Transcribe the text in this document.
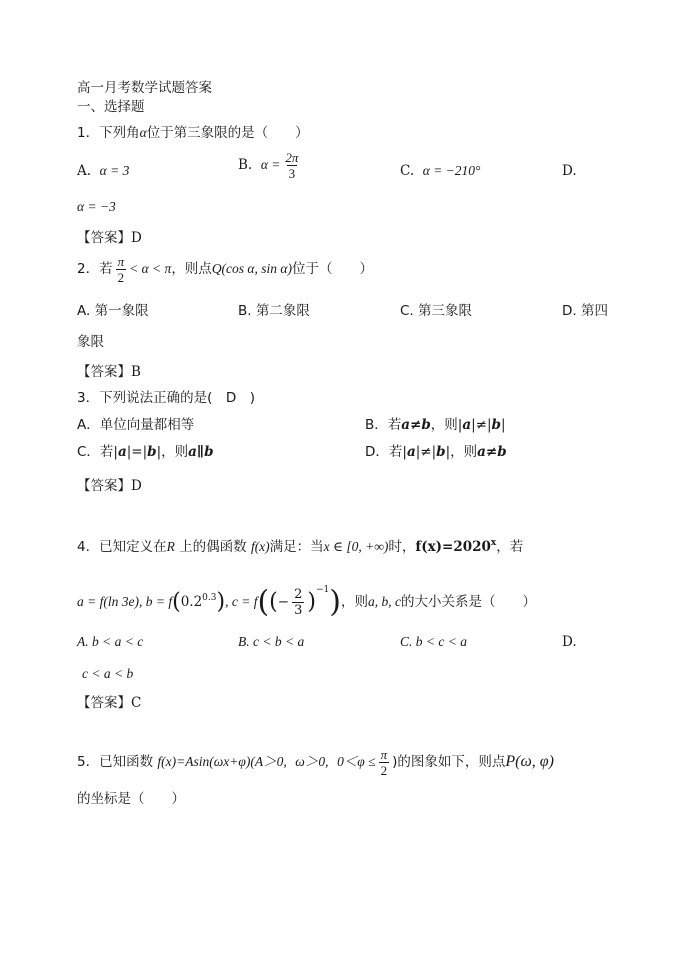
高一月考数学试题答案
一、选择题
1．下列角α位于第三象限的是（　　）
A. α = 3	B. $\alpha = \frac{2\pi}{3}$	C. α = −210°	D.
α = −3
【答案】D
2．若 $\frac{\pi}{2} < \alpha < \pi$，则点Q(cos α, sin α)位于（　　）
A. 第一象限	B. 第二象限	C. 第三象限	D. 第四
象限
【答案】B
3．下列说法正确的是(　D　)
A．单位向量都相等	B．若a≠b，则|a|≠|b|
C．若|a|=|b|，则a∥b	D．若|a|≠|b|，则a≠b
【答案】D
4．已知定义在R 上的偶函数 f(x)满足：当x ∈ [0, +∞)时，$f(x)=2020^x$，若
a = f(ln 3e), $b = f(0.2^{0.3})$, $c = f((- \frac{2}{3} )^{-1})$，则a, b, c的大小关系是（　　）
A. b < a < c	B. c < b < a	C. b < c < a	D.
c < a < b
【答案】C
5．已知函数 f(x)=Asin(ωx+φ)(A＞0, ω＞0, $0<\varphi \le \frac{\pi}{2}$ )的图象如下，则点P(ω, φ)
的坐标是（　　）
